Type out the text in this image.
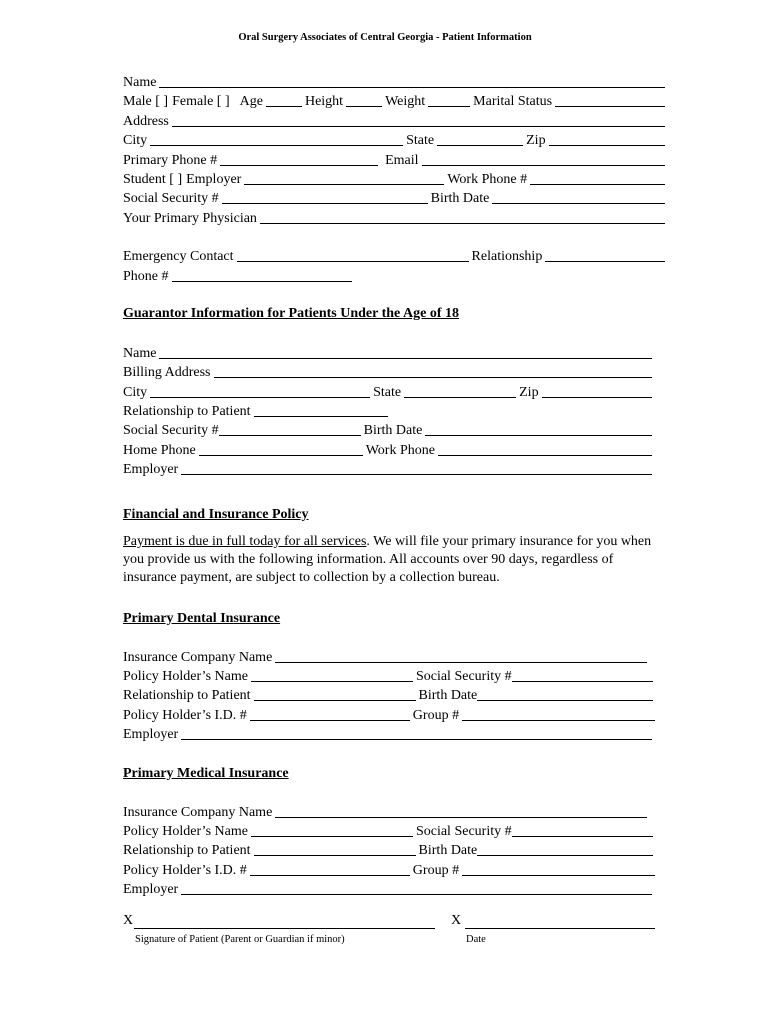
Oral Surgery Associates of Central Georgia - Patient Information
Name
Male [ ] Female [ ] Age	Height	Weight	Marital Status
Address
City	State	Zip
Primary Phone #	Email
Student [ ] Employer	Work Phone #
Social Security #	Birth Date
Your Primary Physician
Emergency Contact	Relationship
Phone #
Guarantor Information for Patients Under the Age of 18
Name
Billing Address
City	State	Zip
Relationship to Patient
Social Security #	Birth Date
Home Phone	Work Phone
Employer
Financial and Insurance Policy
Payment is due in full today for all services. We will file your primary insurance for you when you provide us with the following information. All accounts over 90 days, regardless of insurance payment, are subject to collection by a collection bureau.
Primary Dental Insurance
Insurance Company Name
Policy Holder’s Name	Social Security #
Relationship to Patient	Birth Date
Policy Holder’s I.D. #	Group #
Employer
Primary Medical Insurance
Insurance Company Name
Policy Holder’s Name	Social Security #
Relationship to Patient	Birth Date
Policy Holder’s I.D. #	Group #
Employer
X
Signature of Patient (Parent or Guardian if minor)
X
Date
